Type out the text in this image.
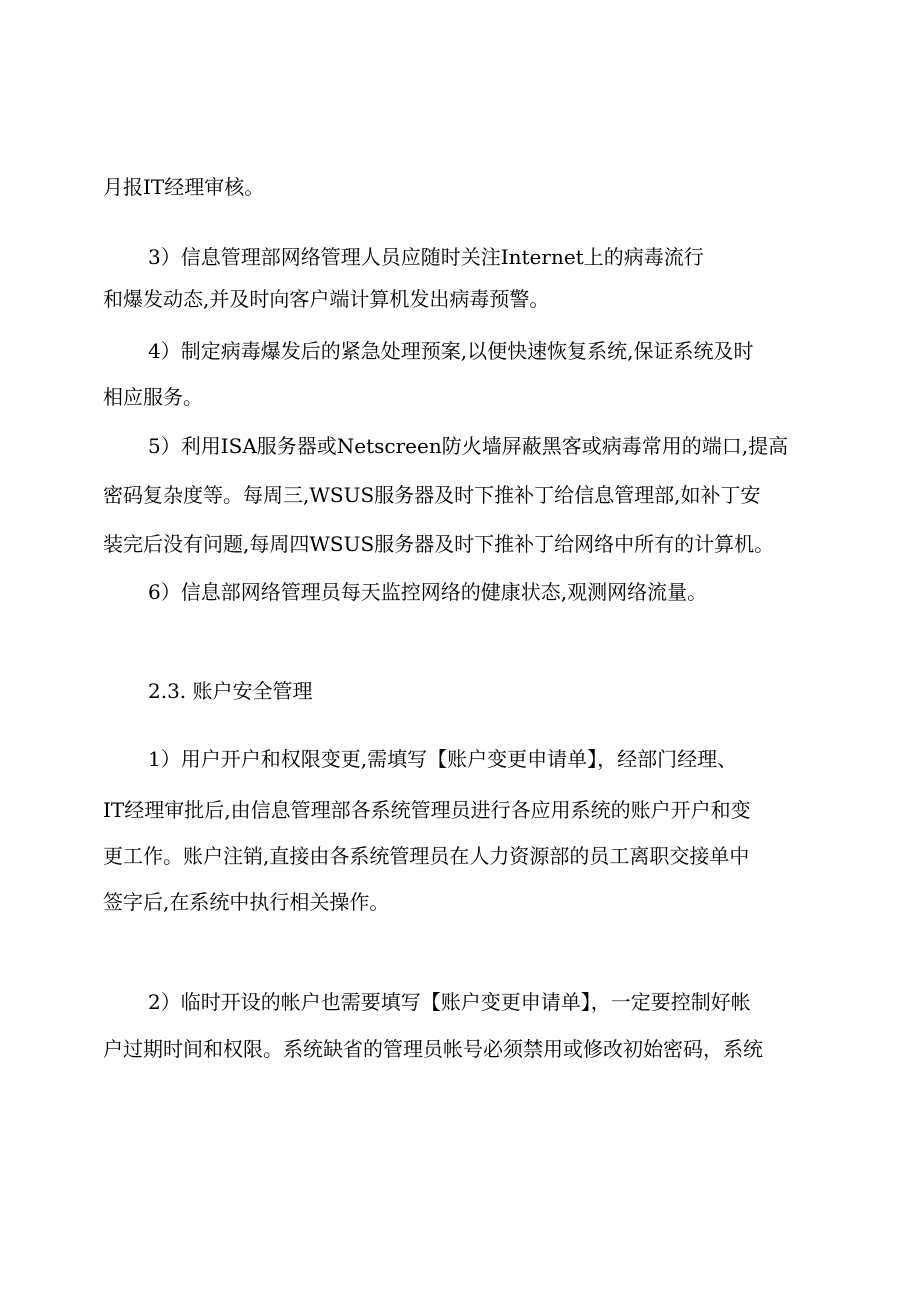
月报IT经理审核。
3）信息管理部网络管理人员应随时关注Internet上的病毒流行
和爆发动态,并及时向客户端计算机发出病毒预警。
4）制定病毒爆发后的紧急处理预案,以便快速恢复系统,保证系统及时
相应服务。
5）利用ISA服务器或Netscreen防火墙屏蔽黑客或病毒常用的端口,提高
密码复杂度等。每周三,WSUS服务器及时下推补丁给信息管理部,如补丁安
装完后没有问题,每周四WSUS服务器及时下推补丁给网络中所有的计算机。
6）信息部网络管理员每天监控网络的健康状态,观测网络流量。
2.3. 账户安全管理
1）用户开户和权限变更,需填写【账户变更申请单】，经部门经理、
IT经理审批后,由信息管理部各系统管理员进行各应用系统的账户开户和变
更工作。账户注销,直接由各系统管理员在人力资源部的员工离职交接单中
签字后,在系统中执行相关操作。
2）临时开设的帐户也需要填写【账户变更申请单】，一定要控制好帐
户过期时间和权限。系统缺省的管理员帐号必须禁用或修改初始密码，系统
